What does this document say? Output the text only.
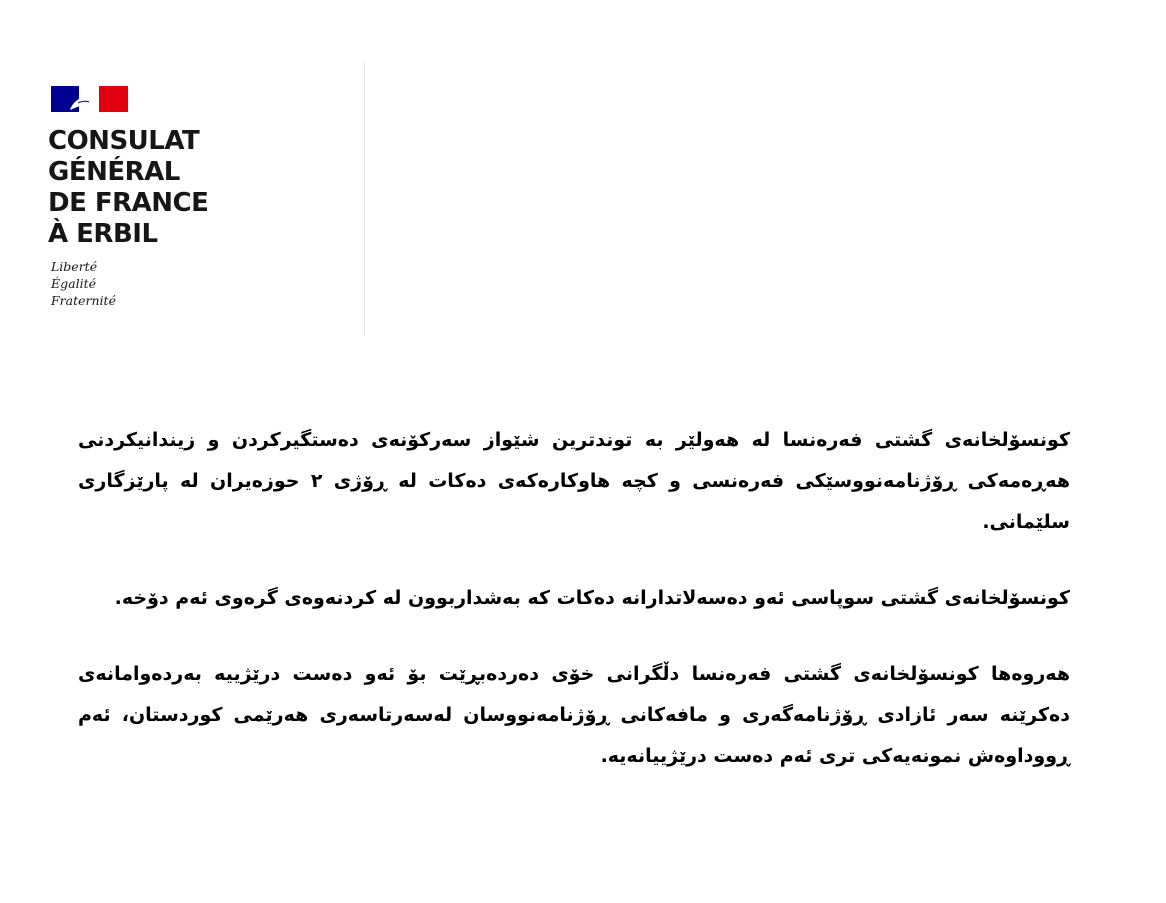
CONSULAT
GÉNÉRAL
DE FRANCE
À ERBIL
Liberté
Égalité
Fraternité

کونسۆلخانەی گشتی فەرەنسا لە هەولێر بە توندترین شێواز سەرکۆنەی دەستگیرکردن و زیندانیکردنی هەڕەمەکی ڕۆژنامەنووسێکی فەرەنسی و کچە هاوکارەکەی دەکات لە ڕۆژی ٢ حوزەیران لە پارێزگاری سلێمانی.

کونسۆلخانەی گشتی سوپاسی ئەو دەسەلاتدارانە دەکات کە بەشداربوون لە کردنەوەی گرەوی ئەم دۆخە.

هەروەها کونسۆلخانەی گشتی فەرەنسا دڵگرانی خۆی دەردەبڕێت بۆ ئەو دەست درێژییە بەردەوامانەی دەکرێنە سەر ئازادی ڕۆژنامەگەری و مافەکانی ڕۆژنامەنووسان لەسەرتاسەری هەرێمی کوردستان، ئەم ڕووداوەش نمونەیەکی تری ئەم دەست درێژییانەیە.
